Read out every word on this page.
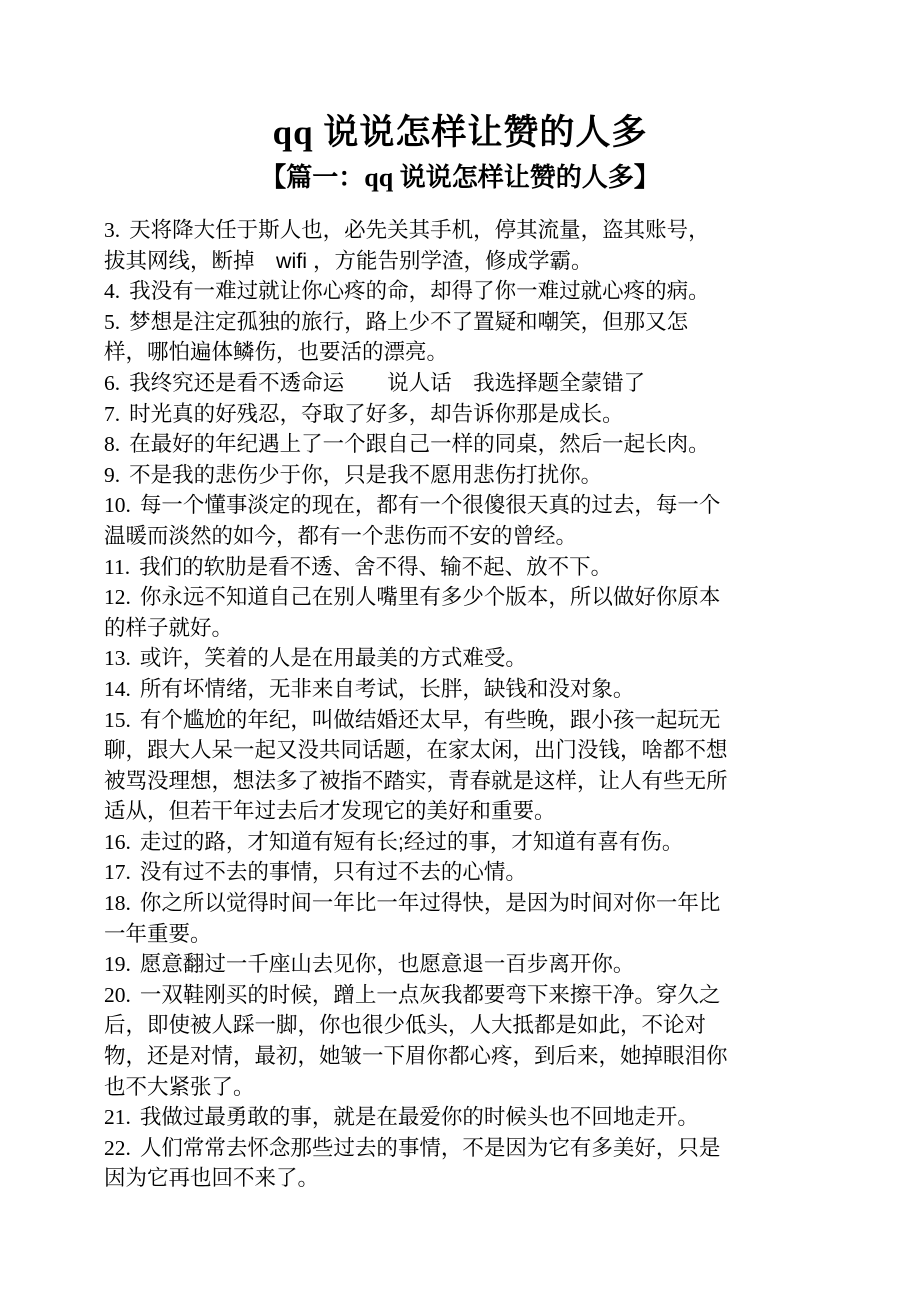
qq 说说怎样让赞的人多
【篇一：qq 说说怎样让赞的人多】

3. 天将降大任于斯人也，必先关其手机，停其流量，盗其账号，拔其网线，断掉　wifi ，方能告别学渣，修成学霸。

4. 我没有一难过就让你心疼的命，却得了你一难过就心疼的病。

5. 梦想是注定孤独的旅行，路上少不了置疑和嘲笑，但那又怎样，哪怕遍体鳞伤，也要活的漂亮。

6. 我终究还是看不透命运　　说人话　我选择题全蒙错了

7. 时光真的好残忍，夺取了好多，却告诉你那是成长。

8. 在最好的年纪遇上了一个跟自己一样的同桌，然后一起长肉。

9. 不是我的悲伤少于你，只是我不愿用悲伤打扰你。

10. 每一个懂事淡定的现在，都有一个很傻很天真的过去，每一个温暖而淡然的如今，都有一个悲伤而不安的曾经。

11. 我们的软肋是看不透、舍不得、输不起、放不下。

12. 你永远不知道自己在别人嘴里有多少个版本，所以做好你原本的样子就好。

13. 或许，笑着的人是在用最美的方式难受。

14. 所有坏情绪，无非来自考试，长胖，缺钱和没对象。

15. 有个尴尬的年纪，叫做结婚还太早，有些晚，跟小孩一起玩无聊，跟大人呆一起又没共同话题，在家太闲，出门没钱，啥都不想被骂没理想，想法多了被指不踏实，青春就是这样，让人有些无所适从，但若干年过去后才发现它的美好和重要。

16. 走过的路，才知道有短有长;经过的事，才知道有喜有伤。

17. 没有过不去的事情，只有过不去的心情。

18. 你之所以觉得时间一年比一年过得快，是因为时间对你一年比一年重要。

19. 愿意翻过一千座山去见你，也愿意退一百步离开你。

20. 一双鞋刚买的时候，蹭上一点灰我都要弯下来擦干净。穿久之后，即使被人踩一脚，你也很少低头，人大抵都是如此，不论对物，还是对情，最初，她皱一下眉你都心疼，到后来，她掉眼泪你也不大紧张了。

21. 我做过最勇敢的事，就是在最爱你的时候头也不回地走开。

22. 人们常常去怀念那些过去的事情，不是因为它有多美好，只是因为它再也回不来了。
